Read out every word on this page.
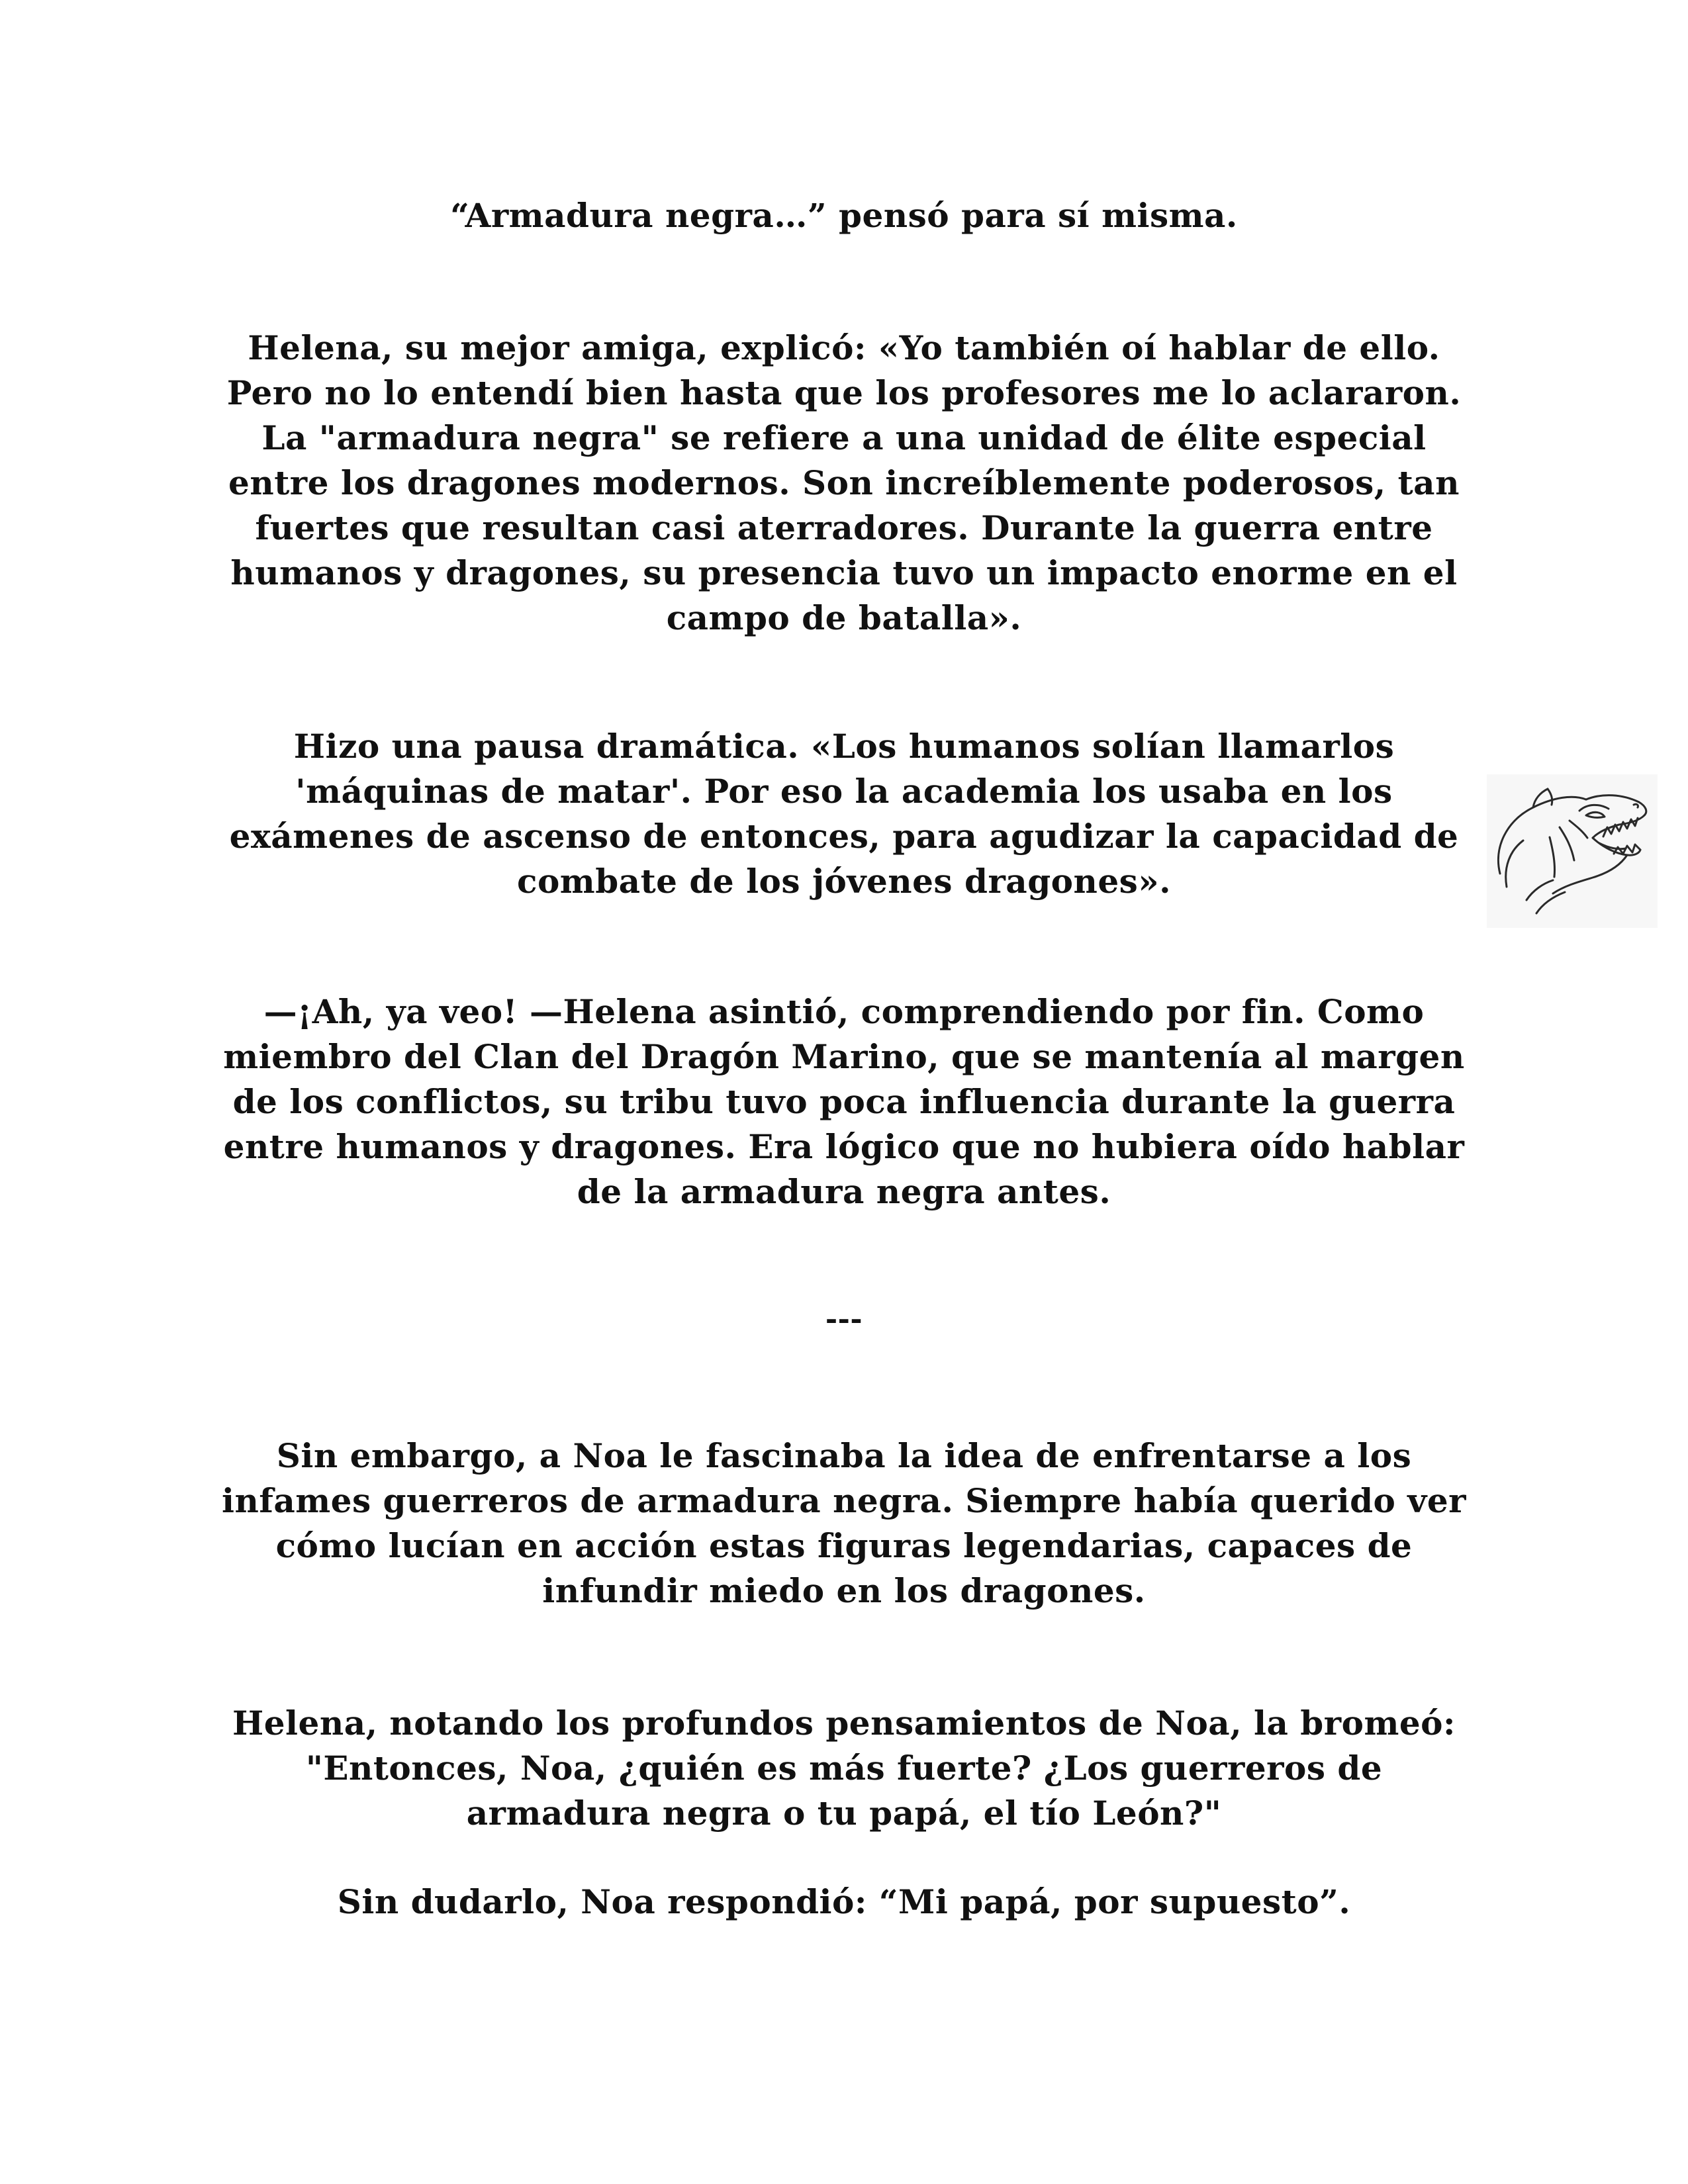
“Armadura negra…” pensó para sí misma.

Helena, su mejor amiga, explicó: «Yo también oí hablar de ello. Pero no lo entendí bien hasta que los profesores me lo aclararon. La "armadura negra" se refiere a una unidad de élite especial entre los dragones modernos. Son increíblemente poderosos, tan fuertes que resultan casi aterradores. Durante la guerra entre humanos y dragones, su presencia tuvo un impacto enorme en el campo de batalla».

Hizo una pausa dramática. «Los humanos solían llamarlos 'máquinas de matar'. Por eso la academia los usaba en los exámenes de ascenso de entonces, para agudizar la capacidad de combate de los jóvenes dragones».

—¡Ah, ya veo! —Helena asintió, comprendiendo por fin. Como miembro del Clan del Dragón Marino, que se mantenía al margen de los conflictos, su tribu tuvo poca influencia durante la guerra entre humanos y dragones. Era lógico que no hubiera oído hablar de la armadura negra antes.

---

Sin embargo, a Noa le fascinaba la idea de enfrentarse a los infames guerreros de armadura negra. Siempre había querido ver cómo lucían en acción estas figuras legendarias, capaces de infundir miedo en los dragones.

Helena, notando los profundos pensamientos de Noa, la bromeó: "Entonces, Noa, ¿quién es más fuerte? ¿Los guerreros de armadura negra o tu papá, el tío León?"

Sin dudarlo, Noa respondió: “Mi papá, por supuesto”.
